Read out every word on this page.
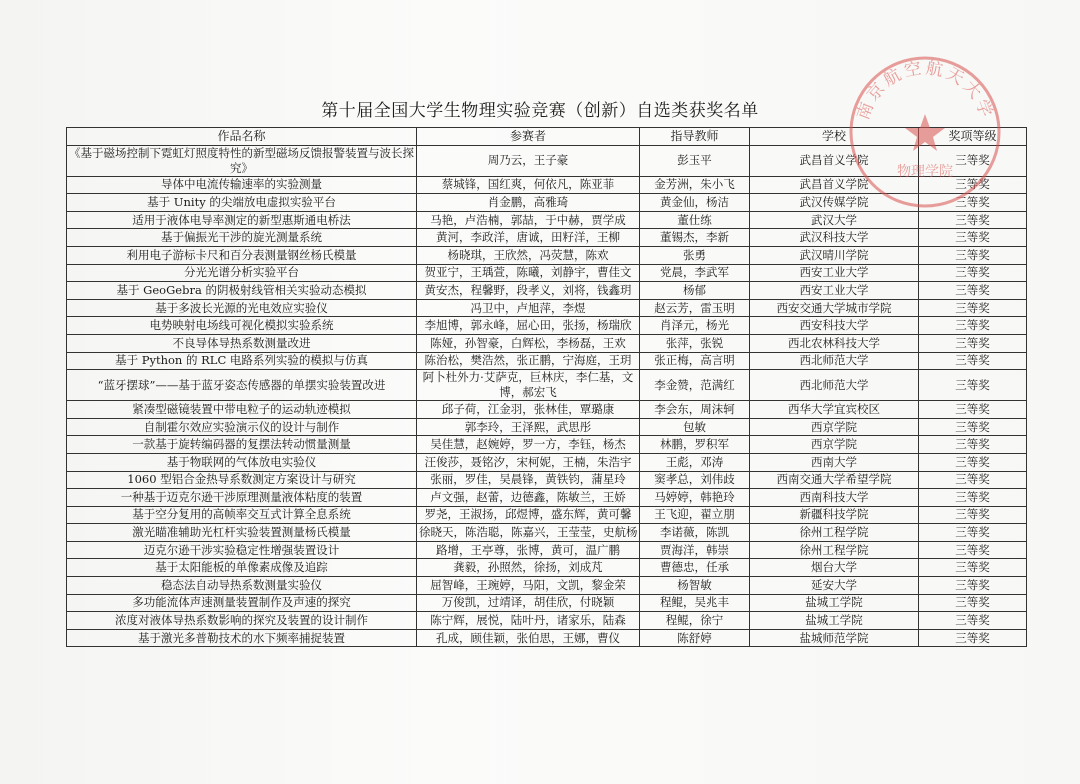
第十届全国大学生物理实验竞赛（创新）自选类获奖名单
作品名称	参赛者	指导教师	学校	奖项等级
《基于磁场控制下霓虹灯照度特性的新型磁场反馈报警装置与波长探究》	周乃云，王子豪	彭玉平	武昌首义学院	三等奖
导体中电流传输速率的实验测量	蔡城锋，国红爽，何依凡，陈亚菲	金芳洲，朱小飞	武昌首义学院	三等奖
基于 Unity 的尖端放电虚拟实验平台	肖金鹏，高雅琦	黄金仙，杨洁	武汉传媒学院	三等奖
适用于液体电导率测定的新型惠斯通电桥法	马艳，卢浩楠，郭喆，于中赫，贾学成	董仕练	武汉大学	三等奖
基于偏振光干涉的旋光测量系统	黄河，李政洋，唐诚，田籽洋，王柳	董锡杰，李新	武汉科技大学	三等奖
利用电子游标卡尺和百分表测量钢丝杨氏模量	杨晓琪，王欣然，冯荧慧，陈欢	张勇	武汉晴川学院	三等奖
分光光谱分析实验平台	贺亚宁，王瑀萱，陈曦，刘静宇，曹佳文	党晨，李武军	西安工业大学	三等奖
基于 GeoGebra 的阴极射线管相关实验动态模拟	黄安杰，程馨野，段孝义，刘将，钱鑫玥	杨郁	西安工业大学	三等奖
基于多波长光源的光电效应实验仪	冯卫中，卢旭萍，李煜	赵云芳，雷玉明	西安交通大学城市学院	三等奖
电势映射电场线可视化模拟实验系统	李旭博，郭永峰，屈心田，张扬，杨瑞欣	肖泽元，杨光	西安科技大学	三等奖
不良导体导热系数测量改进	陈娅，孙智豪，白辉松，李杨磊，王欢	张萍，张锐	西北农林科技大学	三等奖
基于 Python 的 RLC 电路系列实验的模拟与仿真	陈治松，樊浩然，张正鹏，宁海庭，王玥	张正梅，高言明	西北师范大学	三等奖
“蓝牙摆球”——基于蓝牙姿态传感器的单摆实验装置改进	阿卜杜外力·艾萨克，巨林庆，李仁基，文博，郝宏飞	李金赞，范满红	西北师范大学	三等奖
紧凑型磁镜装置中带电粒子的运动轨迹模拟	邱子荷，江金羽，张林佳，覃璐康	李会东，周沫轲	西华大学宜宾校区	三等奖
自制霍尔效应实验演示仪的设计与制作	郭李玲，王泽熙，武思彤	包敏	西京学院	三等奖
一款基于旋转编码器的复摆法转动惯量测量	吴佳慧，赵婉婷，罗一方，李钰，杨杰	林鹏，罗积军	西京学院	三等奖
基于物联网的气体放电实验仪	汪俊莎，聂铭汐，宋柯妮，王楠，朱浩宇	王彪，邓涛	西南大学	三等奖
1060 型铝合金热导系数测定方案设计与研究	张丽，罗佳，吴晨锋，黄铁钧，蒲星玲	窦孝总，刘伟歧	西南交通大学希望学院	三等奖
一种基于迈克尔逊干涉原理测量液体粘度的装置	卢文强，赵蕾，边德鑫，陈敏兰，王娇	马婷婷，韩艳玲	西南科技大学	三等奖
基于空分复用的高帧率交互式计算全息系统	罗尧，王淑扬，邱煜博，盛东辉，黄可馨	王飞迎，翟立朋	新疆科技学院	三等奖
激光瞄准辅助光杠杆实验装置测量杨氏模量	徐晓天，陈浩聪，陈嘉兴，王莹莹，史航杨	李诺薇，陈凯	徐州工程学院	三等奖
迈克尔逊干涉实验稳定性增强装置设计	路增，王亭尊，张博，黄可，温广鹏	贾海洋，韩崇	徐州工程学院	三等奖
基于太阳能板的单像素成像及追踪	龚毅，孙照然，徐扬，刘成芃	曹德忠，任承	烟台大学	三等奖
稳态法自动导热系数测量实验仪	屈智峰，王琬婷，马阳，文凯，黎金荣	杨智敏	延安大学	三等奖
多功能流体声速测量装置制作及声速的探究	万俊凯，过靖译，胡佳欣，付晓颖	程鲲，吴兆丰	盐城工学院	三等奖
浓度对液体导热系数影响的探究及装置的设计制作	陈宁辉，展悦，陆叶丹，诸家乐，陆森	程鲲，徐宁	盐城工学院	三等奖
基于激光多普勒技术的水下频率捕捉装置	孔成，顾佳颖，张伯思，王娜，曹仪	陈舒婷	盐城师范学院	三等奖
南京航空航天大学
物理学院
